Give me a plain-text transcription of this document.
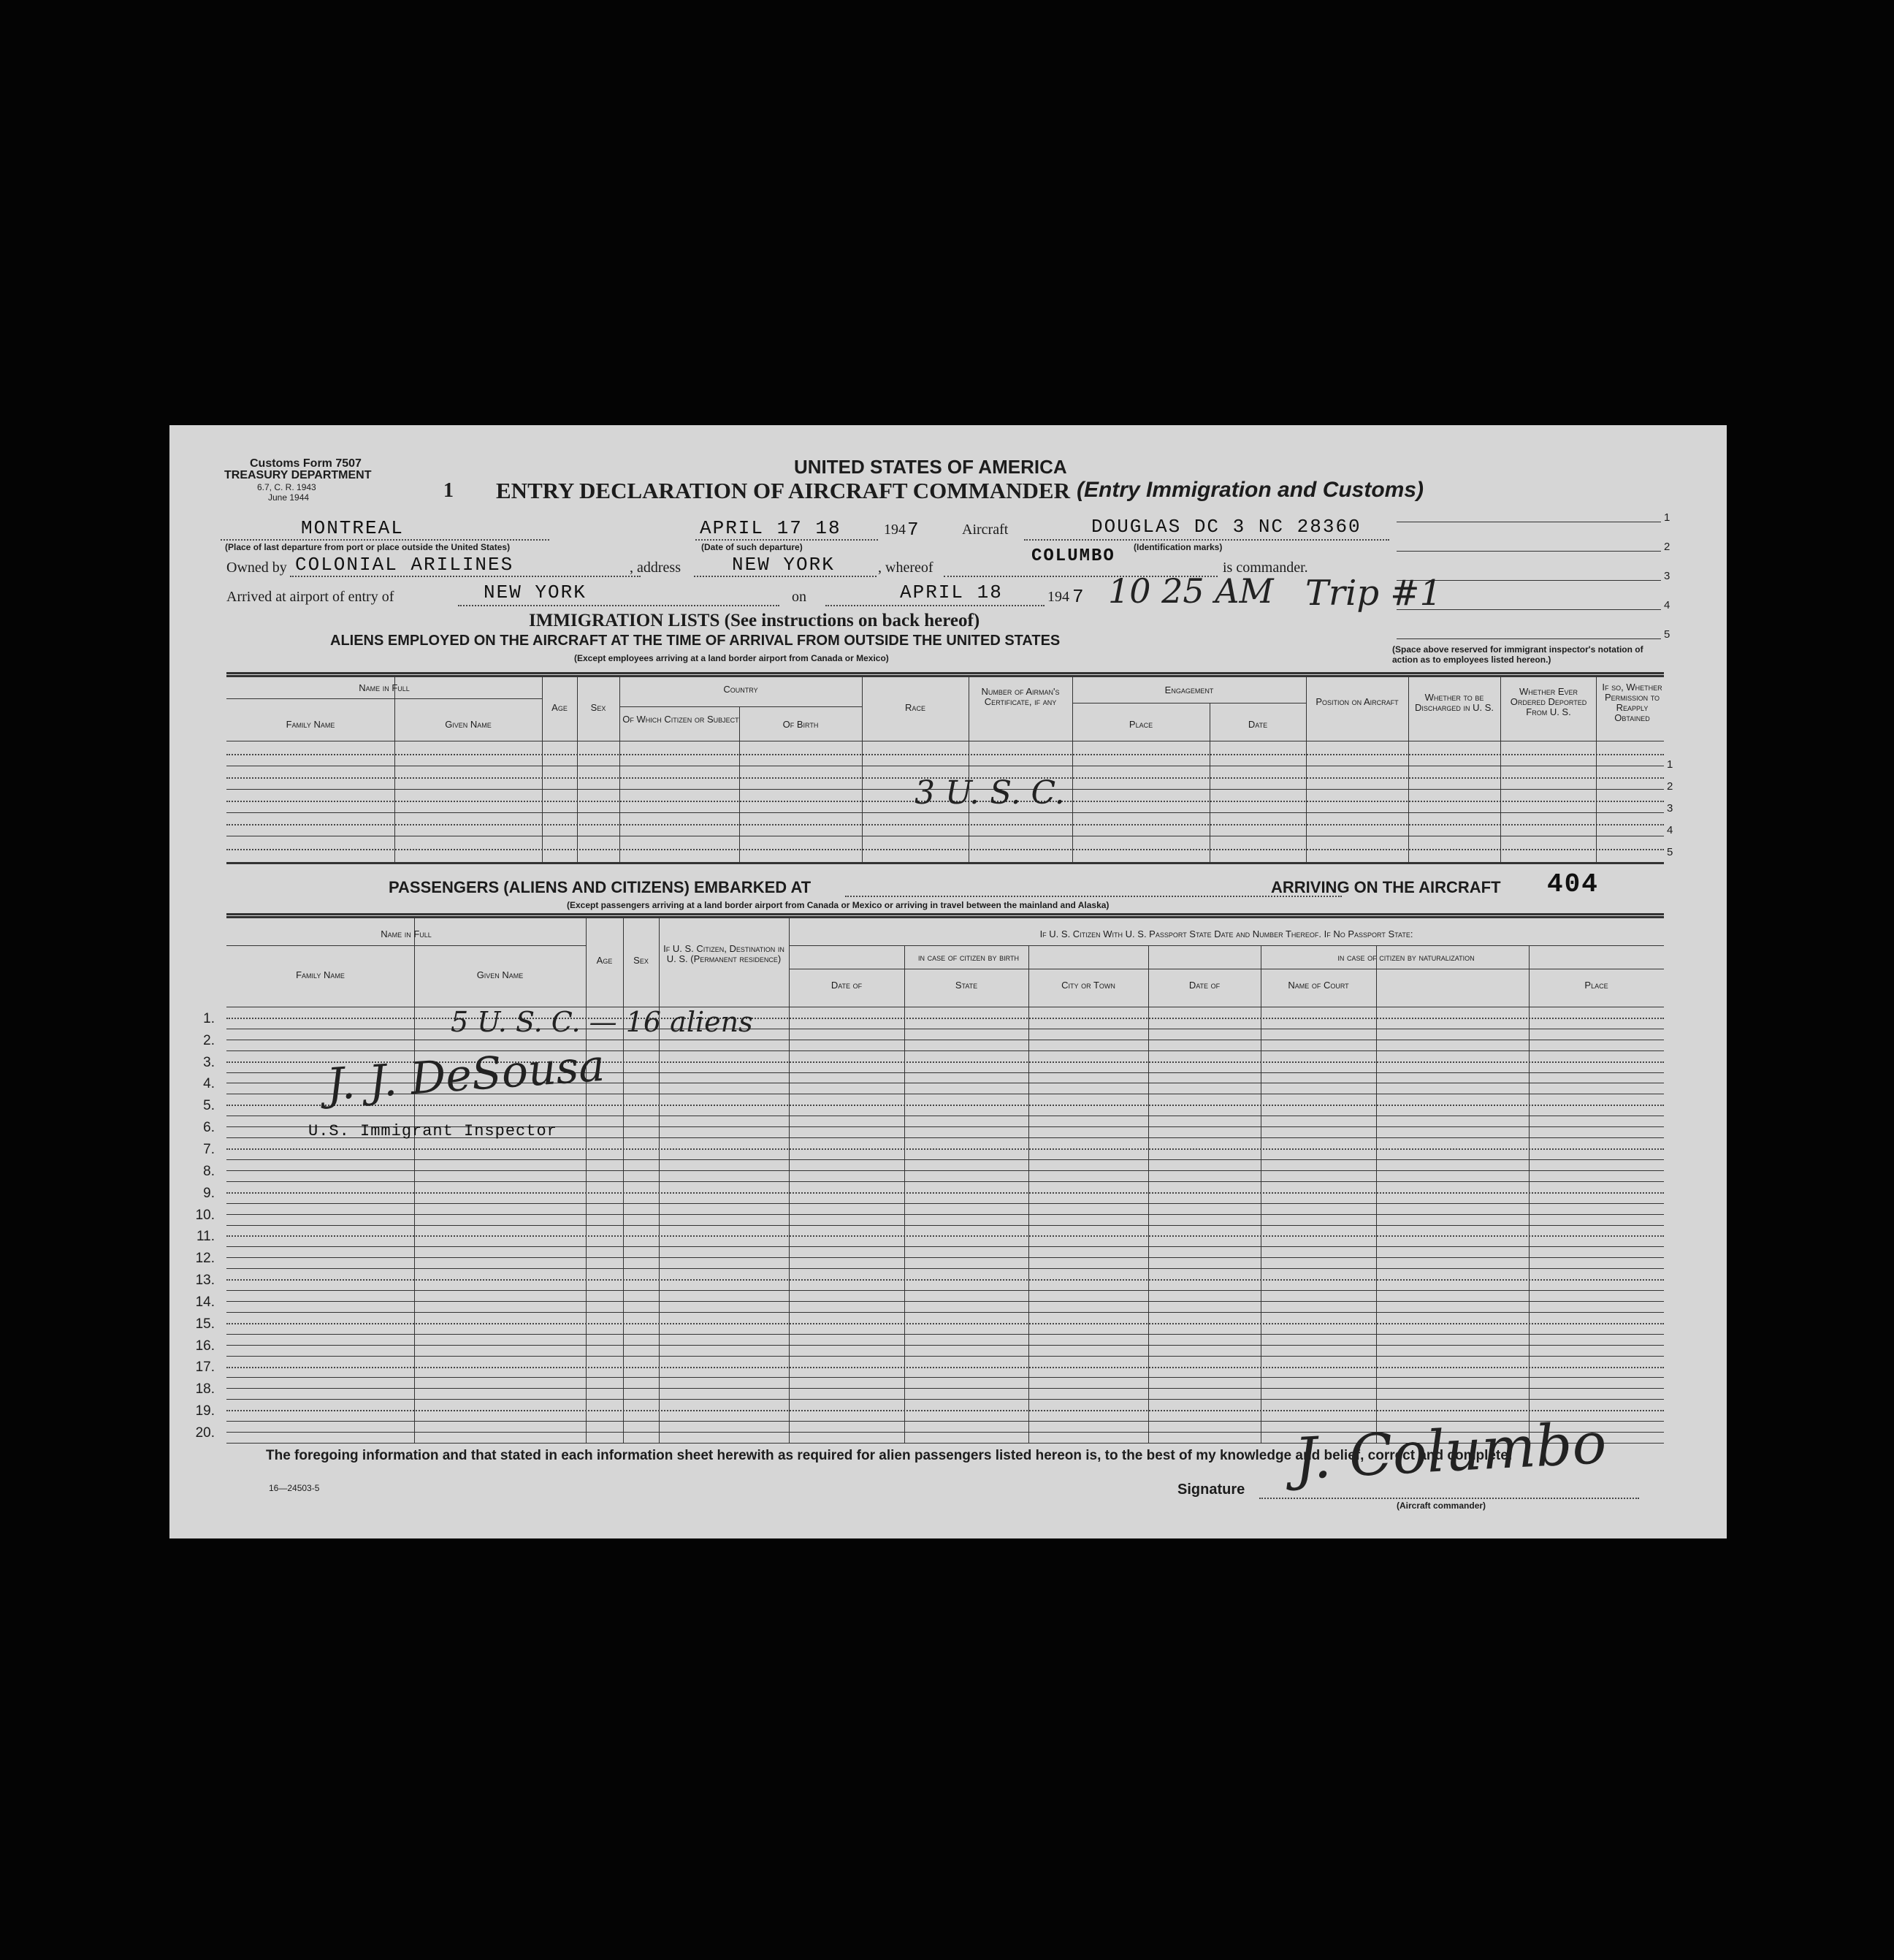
Customs Form 7507
TREASURY DEPARTMENT
6.7, C. R. 1943
June 1944
UNITED STATES OF AMERICA
1 ENTRY DECLARATION OF AIRCRAFT COMMANDER (Entry Immigration and Customs)
1
2
3
4
5
MONTREAL
(Place of last departure from port or place outside the United States)
APRIL 17 18
(Date of such departure)
194 7	Aircraft	DOUGLAS DC 3 NC 28360
(Identification marks)
Owned by COLONIAL ARILINES	, address	NEW YORK	, whereof
COLUMBO
is commander.
Arrived at airport of entry of	NEW YORK	on	APRIL 18	194 7 10 25 AM Trip #1
IMMIGRATION LISTS (See instructions on back hereof)
ALIENS EMPLOYED ON THE AIRCRAFT AT THE TIME OF ARRIVAL FROM OUTSIDE THE UNITED STATES
(Except employees arriving at a land border airport from Canada or Mexico)
(Space above reserved for immigrant inspector's notation of action as to employees listed hereon.)
Name in Full
Family Name	Given Name
Age	Sex
Country
Of Which Citizen or Subject	Of Birth
Race
Number of Airman's Certificate, if any
Engagement
Place	Date
Position on Aircraft	Whether to be Discharged in U. S.
Whether Ever Ordered Deported From U. S.
If so, Whether Permission to Reapply Obtained
1
2
3
4
5
3 U. S. C.
PASSENGERS (ALIENS AND CITIZENS) EMBARKED AT	ARRIVING ON THE AIRCRAFT 404
(Except passengers arriving at a land border airport from Canada or Mexico or arriving in travel between the mainland and Alaska)
Name in Full
Family Name	Given Name
Age	Sex
If U. S. Citizen, Destination in U. S. (Permanent residence)
If U. S. Citizen With U. S. Passport State Date and Number Thereof. If No Passport State:
in case of citizen by birth	in case of citizen by naturalization
Date of	State	City or Town	Date of	Name of Court	Place
1.
2.
3.
4.
5.
6.
7.
8.
9.
10.
11.
12.
13.
14.
15.
16.
17.
18.
19.
20.
5 U. S. C. — 16 aliens
J. J. DeSousa
U.S. Immigrant Inspector
The foregoing information and that stated in each information sheet herewith as required for alien passengers listed hereon is, to the best of my knowledge and belief, correct and complete.
16—24503-5	Signature J. Columbo
(Aircraft commander)
